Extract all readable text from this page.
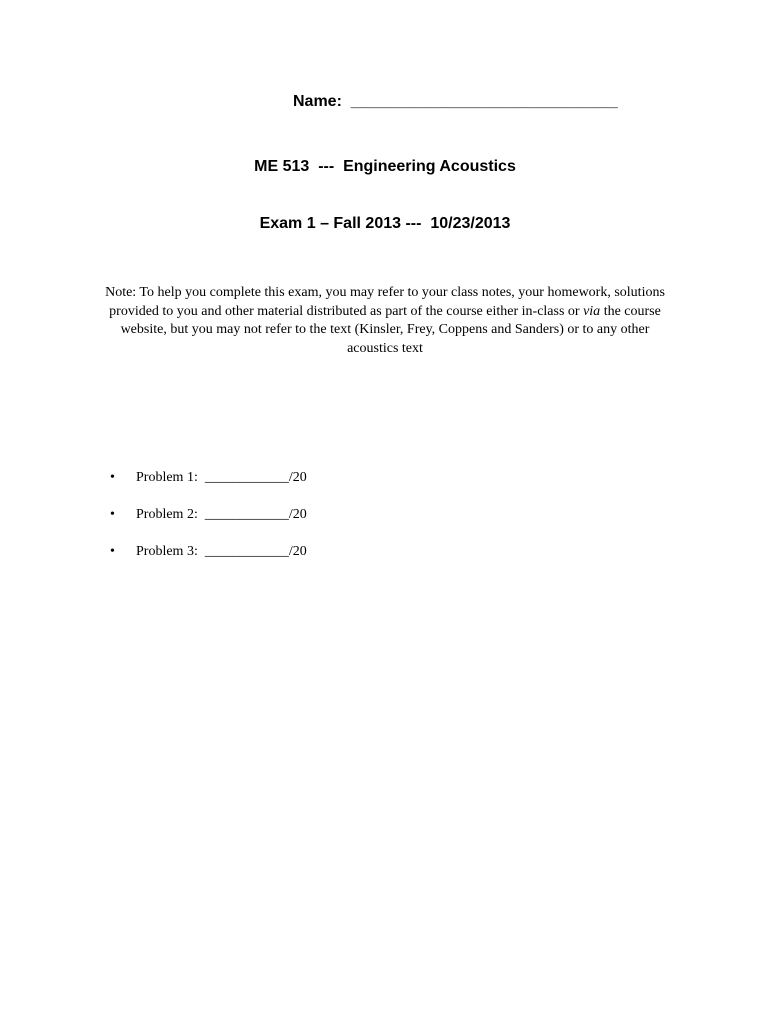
Name:  ______________________________
ME 513  ---  Engineering Acoustics
Exam 1 – Fall 2013 ---  10/23/2013

Note: To help you complete this exam, you may refer to your class notes, your homework, solutions provided to you and other material distributed as part of the course either in-class or via the course website, but you may not refer to the text (Kinsler, Frey, Coppens and Sanders) or to any other acoustics text

• Problem 1:  ____________/20
• Problem 2:  ____________/20
• Problem 3:  ____________/20
